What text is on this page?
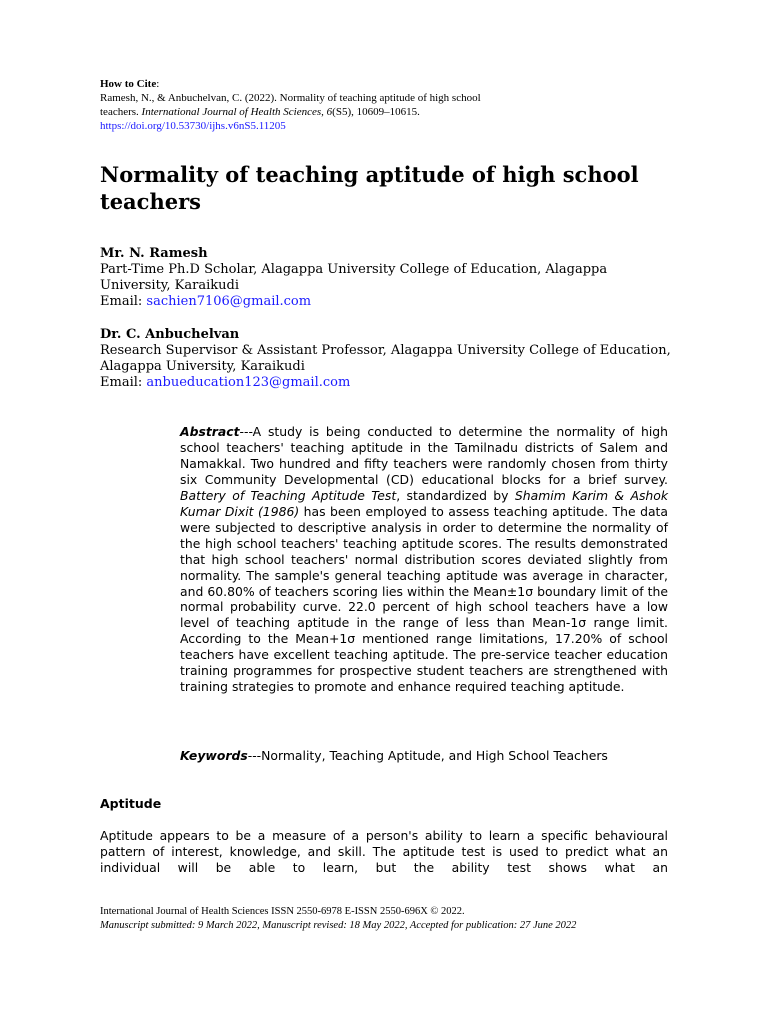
How to Cite:
Ramesh, N., & Anbuchelvan, C. (2022). Normality of teaching aptitude of high school
teachers. International Journal of Health Sciences, 6(S5), 10609–10615.
https://doi.org/10.53730/ijhs.v6nS5.11205
Normality of teaching aptitude of high school teachers
Mr. N. Ramesh
Part-Time Ph.D Scholar, Alagappa University College of Education, Alagappa University, Karaikudi
Email: sachien7106@gmail.com
Dr. C. Anbuchelvan
Research Supervisor & Assistant Professor, Alagappa University College of Education, Alagappa University, Karaikudi
Email: anbueducation123@gmail.com
Abstract---A study is being conducted to determine the normality of high school teachers' teaching aptitude in the Tamilnadu districts of Salem and Namakkal. Two hundred and fifty teachers were randomly chosen from thirty six Community Developmental (CD) educational blocks for a brief survey. Battery of Teaching Aptitude Test, standardized by Shamim Karim & Ashok Kumar Dixit (1986) has been employed to assess teaching aptitude. The data were subjected to descriptive analysis in order to determine the normality of the high school teachers' teaching aptitude scores. The results demonstrated that high school teachers' normal distribution scores deviated slightly from normality. The sample's general teaching aptitude was average in character, and 60.80% of teachers scoring lies within the Mean±1σ boundary limit of the normal probability curve. 22.0 percent of high school teachers have a low level of teaching aptitude in the range of less than Mean-1σ range limit. According to the Mean+1σ mentioned range limitations, 17.20% of school teachers have excellent teaching aptitude. The pre-service teacher education training programmes for prospective student teachers are strengthened with training strategies to promote and enhance required teaching aptitude.
Keywords---Normality, Teaching Aptitude, and High School Teachers
Aptitude
Aptitude appears to be a measure of a person's ability to learn a specific behavioural pattern of interest, knowledge, and skill. The aptitude test is used to predict what an individual will be able to learn, but the ability test shows what an
International Journal of Health Sciences ISSN 2550-6978 E-ISSN 2550-696X © 2022.
Manuscript submitted: 9 March 2022, Manuscript revised: 18 May 2022, Accepted for publication: 27 June 2022
